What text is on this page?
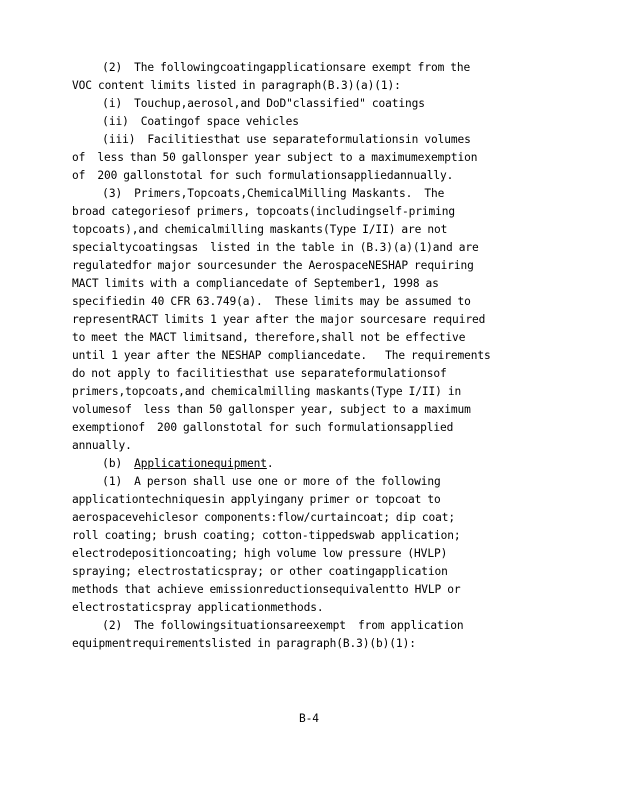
(2)  The followingcoatingapplicationsare exempt from the
VOC content limits listed in paragraph(B.3)(a)(1):
(i)  Touchup,aerosol,and DoD"classified" coatings
(ii)  Coatingof space vehicles
(iii)  Facilitiesthat use separateformulationsin volumes
of  less than 50 gallonsper year subject to a maximumexemption
of  200 gallonstotal for such formulationsappliedannually.
(3)  Primers,Topcoats,ChemicalMilling Maskants.  The
broad categoriesof primers, topcoats(includingself-priming
topcoats),and chemicalmilling maskants(Type I/II) are not
specialtycoatingsas  listed in the table in (B.3)(a)(1)and are
regulatedfor major sourcesunder the AerospaceNESHAP requiring
MACT limits with a compliancedate of September1, 1998 as
specifiedin 40 CFR 63.749(a).  These limits may be assumed to
representRACT limits 1 year after the major sourcesare required
to meet the MACT limitsand, therefore,shall not be effective
until 1 year after the NESHAP compliancedate.   The requirements
do not apply to facilitiesthat use separateformulationsof
primers,topcoats,and chemicalmilling maskants(Type I/II) in
volumesof  less than 50 gallonsper year, subject to a maximum
exemptionof  200 gallonstotal for such formulationsapplied
annually.
(b)  Applicationequipment.
(1)  A person shall use one or more of the following
applicationtechniquesin applyingany primer or topcoat to
aerospacevehiclesor components:flow/curtaincoat; dip coat;
roll coating; brush coating; cotton-tippedswab application;
electrodepositioncoating; high volume low pressure (HVLP)
spraying; electrostaticspray; or other coatingapplication
methods that achieve emissionreductionsequivalentto HVLP or
electrostaticspray applicationmethods.
(2)  The followingsituationsareexempt  from application
equipmentrequirementslisted in paragraph(B.3)(b)(1):
B-4
